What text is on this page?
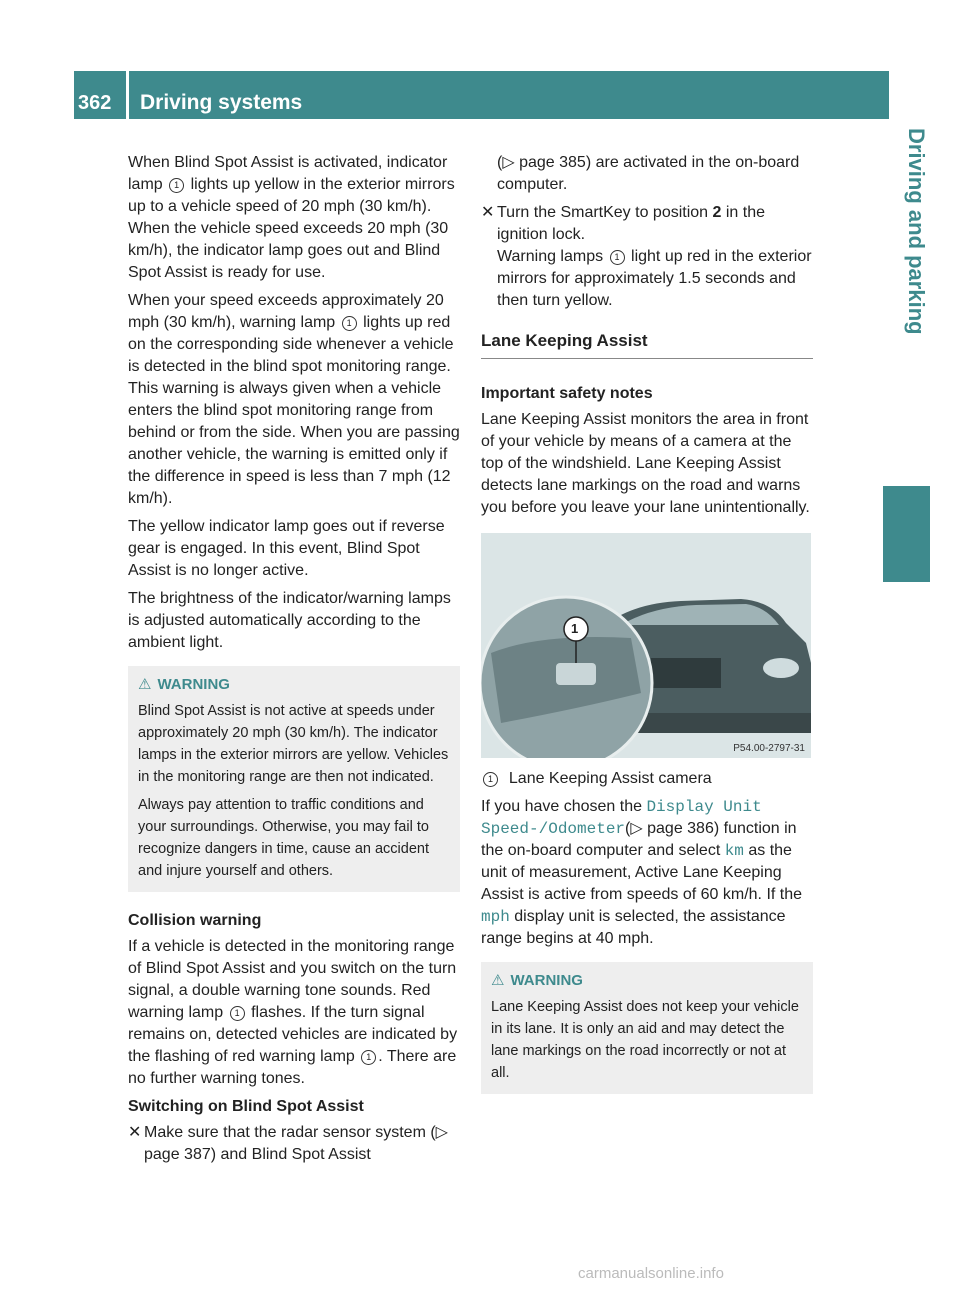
362	Driving systems
Driving and parking

When Blind Spot Assist is activated, indicator lamp 1 lights up yellow in the exterior mirrors up to a vehicle speed of 20 mph (30 km/h). When the vehicle speed exceeds 20 mph (30 km/h), the indicator lamp goes out and Blind Spot Assist is ready for use.

When your speed exceeds approximately 20 mph (30 km/h), warning lamp 1 lights up red on the corresponding side whenever a vehicle is detected in the blind spot monitoring range. This warning is always given when a vehicle enters the blind spot monitoring range from behind or from the side. When you are passing another vehicle, the warning is emitted only if the difference in speed is less than 7 mph (12 km/h).

The yellow indicator lamp goes out if reverse gear is engaged. In this event, Blind Spot Assist is no longer active.

The brightness of the indicator/warning lamps is adjusted automatically according to the ambient light.

⚠ WARNING

Blind Spot Assist is not active at speeds under approximately 20 mph (30 km/h). The indicator lamps in the exterior mirrors are yellow. Vehicles in the monitoring range are then not indicated.

Always pay attention to traffic conditions and your surroundings. Otherwise, you may fail to recognize dangers in time, cause an accident and injure yourself and others.

Collision warning

If a vehicle is detected in the monitoring range of Blind Spot Assist and you switch on the turn signal, a double warning tone sounds. Red warning lamp 1 flashes. If the turn signal remains on, detected vehicles are indicated by the flashing of red warning lamp 1 . There are no further warning tones.

Switching on Blind Spot Assist
✕ Make sure that the radar sensor system (▷ page 387) and Blind Spot Assist

(▷ page 385) are activated in the on-board computer.

✕ Turn the SmartKey to position 2 in the ignition lock.
Warning lamps 1 light up red in the exterior mirrors for approximately 1.5 seconds and then turn yellow.
Lane Keeping Assist
Important safety notes

Lane Keeping Assist monitors the area in front of your vehicle by means of a camera at the top of the windshield. Lane Keeping Assist detects lane markings on the road and warns you before you leave your lane unintentionally.

1
P54.00-2797-31

1 Lane Keeping Assist camera

If you have chosen the Display Unit Speed-/Odometer(▷ page 386) function in the on-board computer and select km as the unit of measurement, Active Lane Keeping Assist is active from speeds of 60 km/h. If the mph display unit is selected, the assistance range begins at 40 mph.

⚠ WARNING

Lane Keeping Assist does not keep your vehicle in its lane. It is only an aid and may detect the lane markings on the road incorrectly or not at all.

carmanualsonline.info
